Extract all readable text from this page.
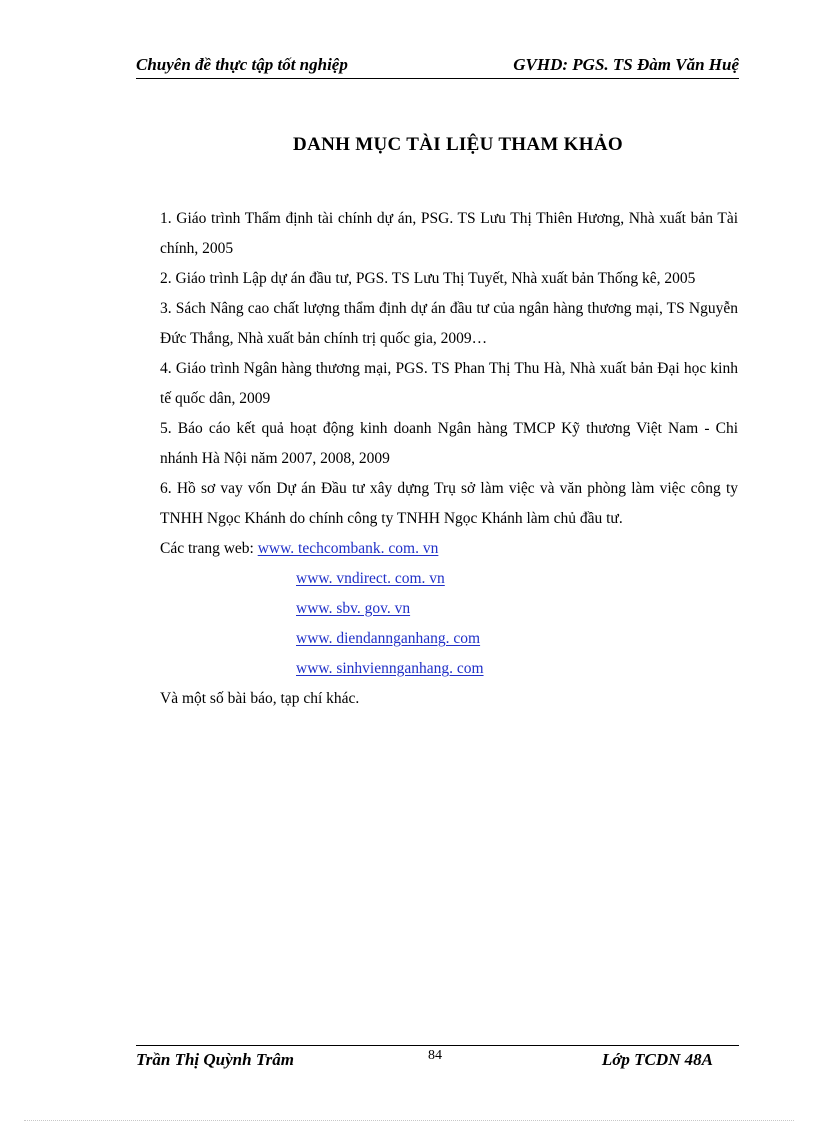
Chuyên đề thực tập tốt nghiệp	GVHD: PGS. TS Đàm Văn Huệ
DANH MỤC TÀI LIỆU THAM KHẢO
1. Giáo trình Thẩm định tài chính dự án, PSG. TS Lưu Thị Thiên Hương, Nhà xuất bản Tài chính, 2005
2. Giáo trình Lập dự án đầu tư, PGS. TS Lưu Thị Tuyết, Nhà xuất bản Thống kê, 2005
3. Sách Nâng cao chất lượng thẩm định dự án đầu tư của ngân hàng thương mại, TS Nguyễn Đức Thắng, Nhà xuất bản chính trị quốc gia, 2009…
4. Giáo trình Ngân hàng thương mại, PGS. TS Phan Thị Thu Hà, Nhà xuất bản Đại học kinh tế quốc dân, 2009
5. Báo cáo kết quả hoạt động kinh doanh Ngân hàng TMCP Kỹ thương Việt Nam - Chi nhánh Hà Nội năm 2007, 2008, 2009
6. Hồ sơ vay vốn Dự án Đầu tư xây dựng Trụ sở làm việc và văn phòng làm việc công ty TNHH Ngọc Khánh do chính công ty TNHH Ngọc Khánh làm chủ đầu tư.
Các trang web: www. techcombank. com. vn
www. vndirect. com. vn
www. sbv. gov. vn
www. diendannganhang. com
www. sinhviennganhang. com
Và một số bài báo, tạp chí khác.
Trần Thị Quỳnh Trâm	84	Lớp TCDN 48A
